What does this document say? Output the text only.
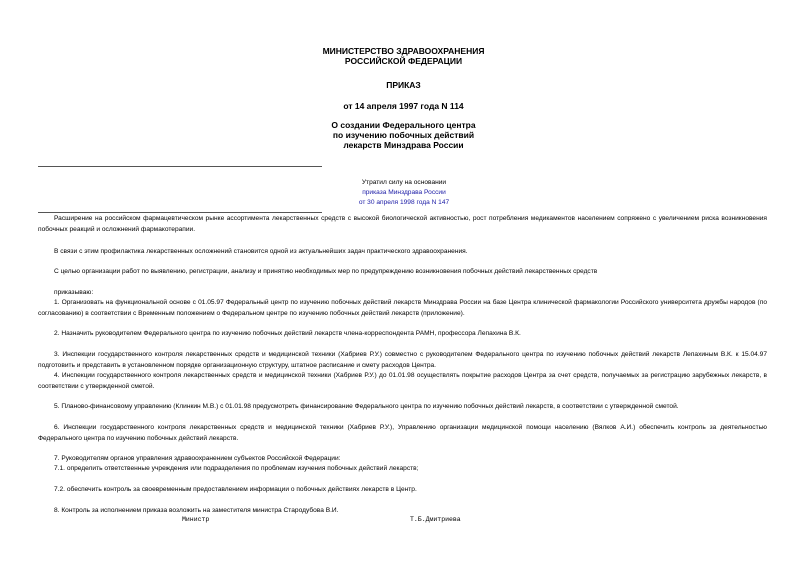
МИНИСТЕРСТВО ЗДРАВООХРАНЕНИЯ

РОССИЙСКОЙ ФЕДЕРАЦИИ

ПРИКАЗ

от 14 апреля 1997 года N 114

О создании Федерального центра

по изучению побочных действий

лекарств Минздрава России

Утратил силу на основании
приказа Минздрава России
от 30 апреля 1998 года N 147

Расширение на российском фармацевтическом рынке ассортимента лекарственных средств с высокой биологической активностью, рост потребления медикаментов населением сопряжено с увеличением риска возникновения побочных реакций и осложнений фармакотерапии.

В связи с этим профилактика лекарственных осложнений становится одной из актуальнейших задач практического здравоохранения.

С целью организации работ по выявлению, регистрации, анализу и принятию необходимых мер по предупреждению возникновения побочных действий лекарственных средств

приказываю:

1. Организовать на функциональной основе с 01.05.97 Федеральный центр по изучению побочных действий лекарств Минздрава России на базе Центра клинической фармакологии Российского университета дружбы народов (по согласованию) в соответствии с Временным положением о Федеральном центре по изучению побочных действий лекарств (приложение).

2. Назначить руководителем Федерального центра по изучению побочных действий лекарств члена-корреспондента РАМН, профессора Лепахина В.К.

3. Инспекции государственного контроля лекарственных средств и медицинской техники (Хабриев Р.У.) совместно с руководителем Федерального центра по изучению побочных действий лекарств Лепахиным В.К. к 15.04.97 подготовить и представить в установленном порядке организационную структуру, штатное расписание и смету расходов Центра.

4. Инспекции государственного контроля лекарственных средств и медицинской техники (Хабриев Р.У.) до 01.01.98 осуществлять покрытие расходов Центра за счет средств, получаемых за регистрацию зарубежных лекарств, в соответствии с утвержденной сметой.

5. Планово-финансовому управлению (Клинкин М.В.) с 01.01.98 предусмотреть финансирование Федерального центра по изучению побочных действий лекарств, в соответствии с утвержденной сметой.

6. Инспекции государственного контроля лекарственных средств и медицинской техники (Хабриев Р.У.), Управлению организации медицинской помощи населению (Вялков А.И.) обеспечить контроль за деятельностью Федерального центра по изучению побочных действий лекарств.

7. Руководителям органов управления здравоохранением субъектов Российской Федерации:

7.1. определить ответственные учреждения или подразделения по проблемам изучения побочных действий лекарств;

7.2. обеспечить контроль за своевременным предоставлением информации о побочных действиях лекарств в Центр.

8. Контроль за исполнением приказа возложить на заместителя министра Стародубова В.И.

Министр	Т.Б.Дмитриева
